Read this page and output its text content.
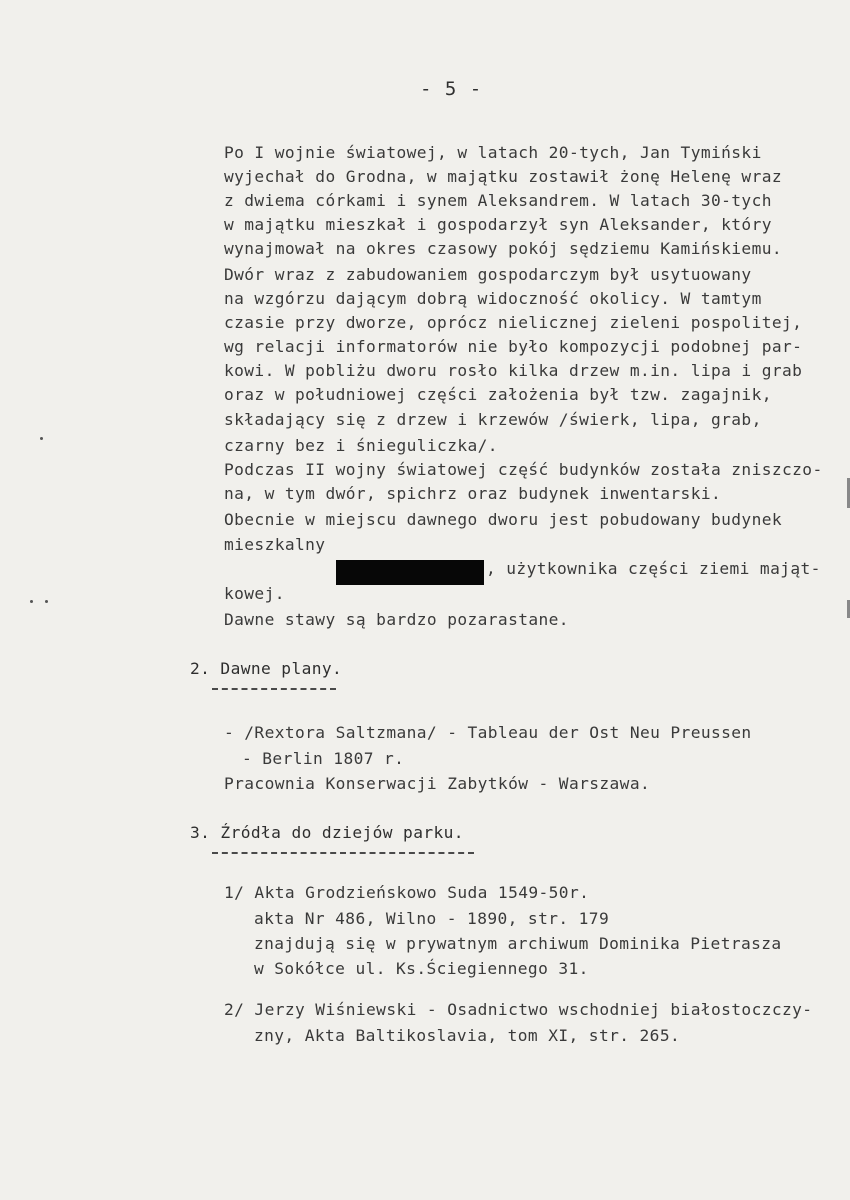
- 5 -
Po I wojnie światowej, w latach 20-tych, Jan Tymiński
wyjechał do Grodna, w majątku zostawił żonę Helenę wraz
z dwiema córkami i synem Aleksandrem. W latach 30-tych
w majątku mieszkał i gospodarzył syn Aleksander, który
wynajmował na okres czasowy pokój sędziemu Kamińskiemu.
Dwór wraz z zabudowaniem gospodarczym był usytuowany
na wzgórzu dającym dobrą widoczność okolicy. W tamtym
czasie przy dworze, oprócz nielicznej zieleni pospolitej,
wg relacji informatorów nie było kompozycji podobnej par-
kowi. W pobliżu dworu rosło kilka drzew m.in. lipa i grab
oraz w południowej części założenia był tzw. zagajnik,
składający się z drzew i krzewów /świerk, lipa, grab,
czarny bez i śnieguliczka/.
Podczas II wojny światowej część budynków została zniszczo-
na, w tym dwór, spichrz oraz budynek inwentarski.
Obecnie w miejscu dawnego dworu jest pobudowany budynek
mieszkalny
, użytkownika części ziemi mająt-
kowej.
Dawne stawy są bardzo pozarastane.
2. Dawne plany.
- /Rextora Saltzmana/ - Tableau der Ost Neu Preussen
- Berlin 1807 r.
Pracownia Konserwacji Zabytków - Warszawa.
3. Źródła do dziejów parku.
1/ Akta Grodzieńskowo Suda 1549-50r.
akta Nr 486, Wilno - 1890, str. 179
znajdują się w prywatnym archiwum Dominika Pietrasza
w Sokółce ul. Ks.Ściegiennego 31.
2/ Jerzy Wiśniewski - Osadnictwo wschodniej białostoczczy-
zny, Akta Baltikoslavia, tom XI, str. 265.
